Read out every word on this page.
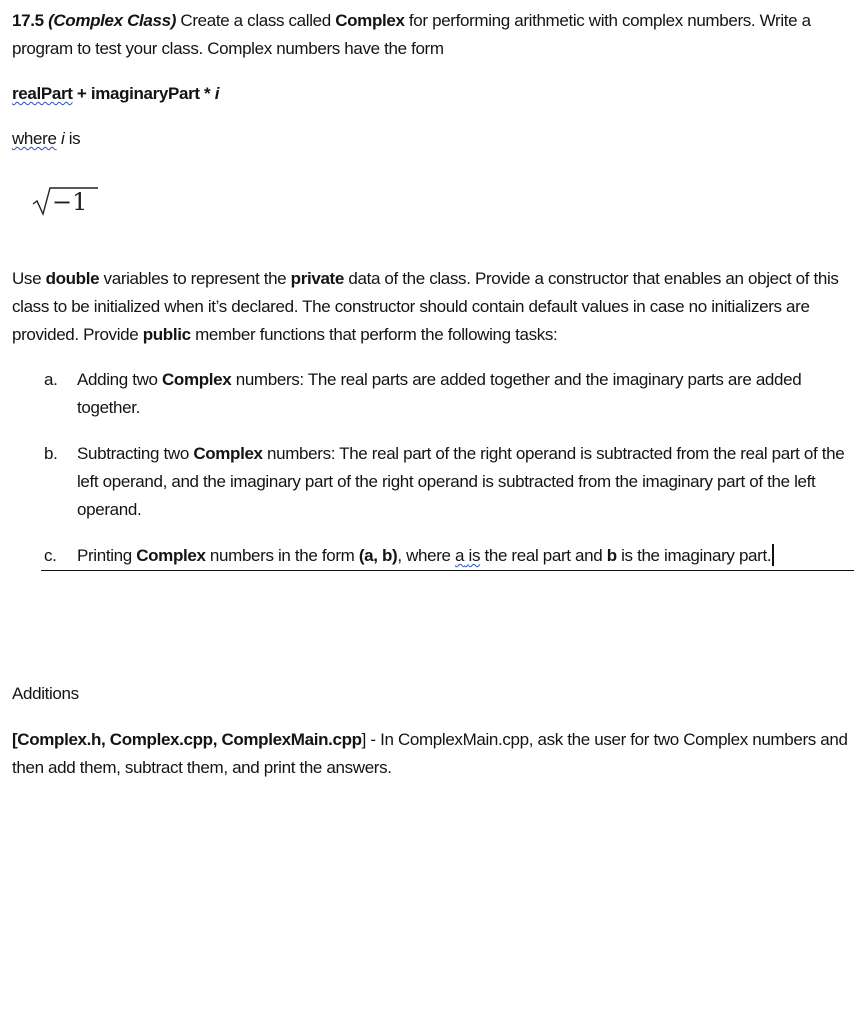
17.5 (Complex Class) Create a class called Complex for performing arithmetic with complex numbers. Write a program to test your class. Complex numbers have the form

realPart + imaginaryPart * i

where i is

−1

Use double variables to represent the private data of the class. Provide a constructor that enables an object of this class to be initialized when it’s declared. The constructor should contain default values in case no initializers are provided. Provide public member functions that perform the following tasks:

a. Adding two Complex numbers: The real parts are added together and the imaginary parts are added together.
b. Subtracting two Complex numbers: The real part of the right operand is subtracted from the real part of the left operand, and the imaginary part of the right operand is subtracted from the imaginary part of the left operand.
c. Printing Complex numbers in the form (a, b), where a is the real part and b is the imaginary part.

Additions

[Complex.h, Complex.cpp, ComplexMain.cpp] - In ComplexMain.cpp, ask the user for two Complex numbers and then add them, subtract them, and print the answers.
